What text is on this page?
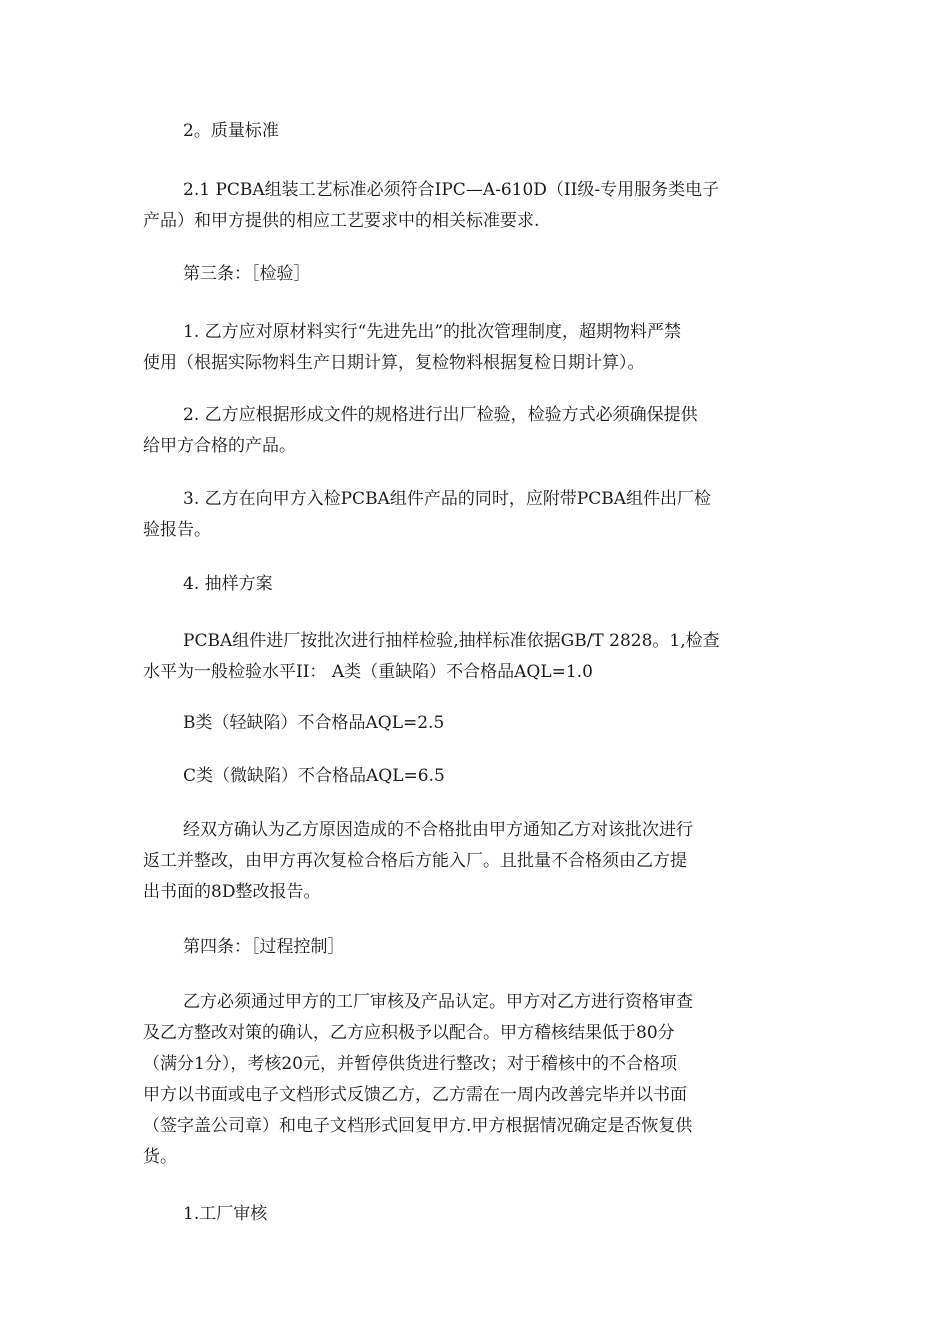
2。质量标准

2.1 PCBA组装工艺标准必须符合IPC—A-610D（II级-专用服务类电子
产品）和甲方提供的相应工艺要求中的相关标准要求.

第三条：［检验］

1. 乙方应对原材料实行“先进先出”的批次管理制度，超期物料严禁
使用（根据实际物料生产日期计算，复检物料根据复检日期计算）。

2. 乙方应根据形成文件的规格进行出厂检验，检验方式必须确保提供
给甲方合格的产品。

3. 乙方在向甲方入检PCBA组件产品的同时，应附带PCBA组件出厂检
验报告。

4. 抽样方案

PCBA组件进厂按批次进行抽样检验,抽样标准依据GB/T 2828。1,检查
水平为一般检验水平II： A类（重缺陷）不合格品AQL=1.0

B类（轻缺陷）不合格品AQL=2.5

C类（微缺陷）不合格品AQL=6.5

经双方确认为乙方原因造成的不合格批由甲方通知乙方对该批次进行
返工并整改，由甲方再次复检合格后方能入厂。且批量不合格须由乙方提
出书面的8D整改报告。

第四条：［过程控制］

乙方必须通过甲方的工厂审核及产品认定。甲方对乙方进行资格审查
及乙方整改对策的确认，乙方应积极予以配合。甲方稽核结果低于80分
（满分1分），考核20元，并暂停供货进行整改；对于稽核中的不合格项
甲方以书面或电子文档形式反馈乙方，乙方需在一周内改善完毕并以书面
（签字盖公司章）和电子文档形式回复甲方.甲方根据情况确定是否恢复供
货。

1.工厂审核
